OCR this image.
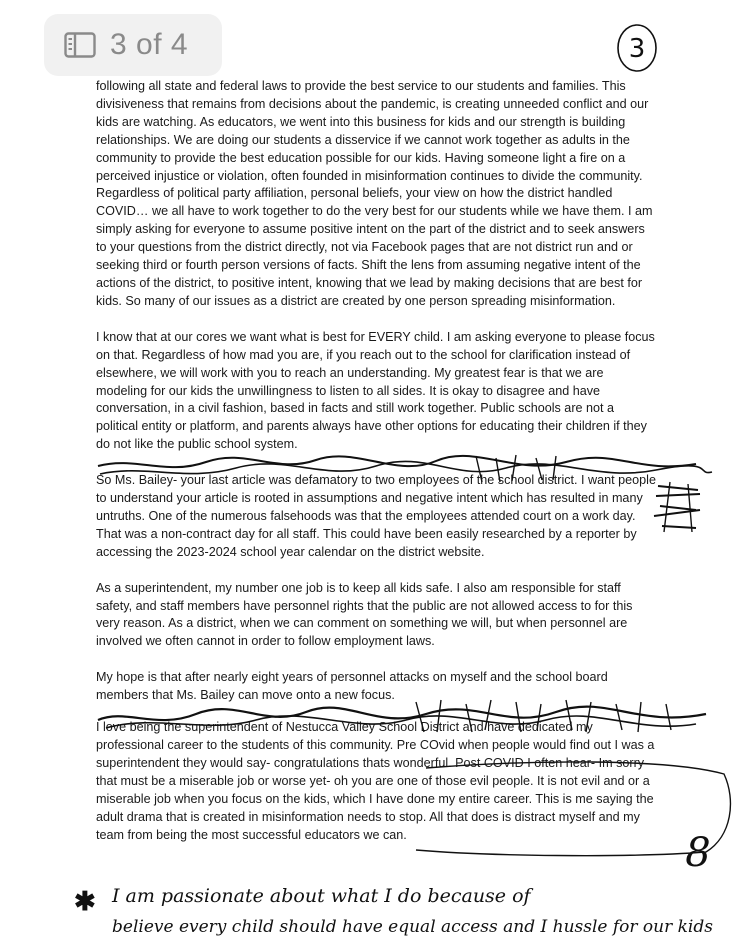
3 of 4	3

following all state and federal laws to provide the best service to our students and families. This divisiveness that remains from decisions about the pandemic, is creating unneeded conflict and our kids are watching. As educators, we went into this business for kids and our strength is building relationships. We are doing our students a disservice if we cannot work together as adults in the community to provide the best education possible for our kids. Having someone light a fire on a perceived injustice or violation, often founded in misinformation continues to divide the community. Regardless of political party affiliation, personal beliefs, your view on how the district handled COVID… we all have to work together to do the very best for our students while we have them. I am simply asking for everyone to assume positive intent on the part of the district and to seek answers to your questions from the district directly, not via Facebook pages that are not district run and or seeking third or fourth person versions of facts. Shift the lens from assuming negative intent of the actions of the district, to positive intent, knowing that we lead by making decisions that are best for kids. So many of our issues as a district are created by one person spreading misinformation.

I know that at our cores we want what is best for EVERY child. I am asking everyone to please focus on that. Regardless of how mad you are, if you reach out to the school for clarification instead of elsewhere, we will work with you to reach an understanding. My greatest fear is that we are modeling for our kids the unwillingness to listen to all sides. It is okay to disagree and have conversation, in a civil fashion, based in facts and still work together. Public schools are not a political entity or platform, and parents always have other options for educating their children if they do not like the public school system.

So Ms. Bailey- your last article was defamatory to two employees of the school district. I want people to understand your article is rooted in assumptions and negative intent which has resulted in many untruths. One of the numerous falsehoods was that the employees attended court on a work day. That was a non-contract day for all staff. This could have been easily researched by a reporter by accessing the 2023-2024 school year calendar on the district website.

As a superintendent, my number one job is to keep all kids safe. I also am responsible for staff safety, and staff members have personnel rights that the public are not allowed access to for this very reason. As a district, when we can comment on something we will, but when personnel are involved we often cannot in order to follow employment laws.

My hope is that after nearly eight years of personnel attacks on myself and the school board members that Ms. Bailey can move onto a new focus.

I love being the superintendent of Nestucca Valley School District and have dedicated my professional career to the students of this community. Pre COvid when people would find out I was a superintendent they would say- congratulations thats wonderful. Post COVID I often hear- Im sorry that must be a miserable job or worse yet- oh you are one of those evil people. It is not evil and or a miserable job when you focus on the kids, which I have done my entire career. This is me saying the adult drama that is created in misinformation needs to stop. All that does is distract myself and my team from being the most successful educators we can.	8
✱ I am passionate about what I do because of
believe every child should have equal access and I hussle for our kids
